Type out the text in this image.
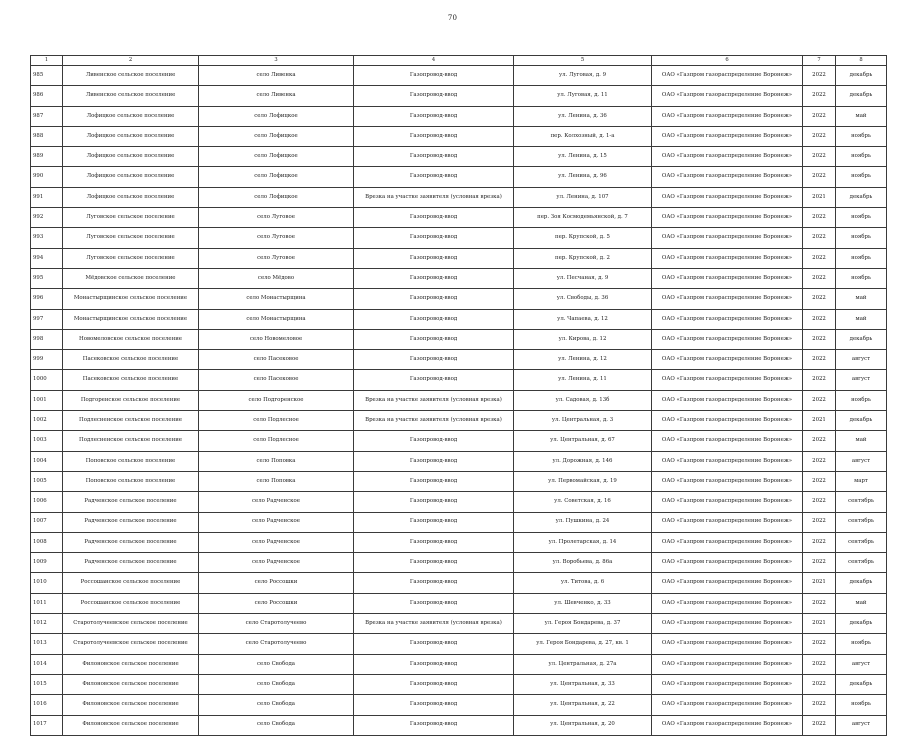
70
1	2	3	4	5	6	7	8
985	Ливенское сельское поселение	село Ливенка	Газопровод-ввод	ул. Луговая, д. 9	ОАО «Газпром газораспределение Воронеж»	2022	декабрь
986	Ливенское сельское поселение	село Ливенка	Газопровод-ввод	ул. Луговая, д. 11	ОАО «Газпром газораспределение Воронеж»	2022	декабрь
987	Лофицкое сельское поселение	село Лофицкое	Газопровод-ввод	ул. Ленина, д. 36	ОАО «Газпром газораспределение Воронеж»	2022	май
988	Лофицкое сельское поселение	село Лофицкое	Газопровод-ввод	пер. Колхозный, д. 1-а	ОАО «Газпром газораспределение Воронеж»	2022	ноябрь
989	Лофицкое сельское поселение	село Лофицкое	Газопровод-ввод	ул. Ленина, д. 15	ОАО «Газпром газораспределение Воронеж»	2022	ноябрь
990	Лофицкое сельское поселение	село Лофицкое	Газопровод-ввод	ул. Ленина, д. 96	ОАО «Газпром газораспределение Воронеж»	2022	ноябрь
991	Лофицкое сельское поселение	село Лофицкое	Врезка на участке заявителя (условная врезка)	ул. Ленина, д. 107	ОАО «Газпром газораспределение Воронеж»	2021	декабрь
992	Луговское сельское поселение	село Луговое	Газопровод-ввод	пер. Зоя Космодемьянской, д. 7	ОАО «Газпром газораспределение Воронеж»	2022	ноябрь
993	Луговское сельское поселение	село Луговое	Газопровод-ввод	пер. Крупской, д. 5	ОАО «Газпром газораспределение Воронеж»	2022	ноябрь
994	Луговское сельское поселение	село Луговое	Газопровод-ввод	пер. Крупской, д. 2	ОАО «Газпром газораспределение Воронеж»	2022	ноябрь
995	Мёдовское сельское поселение	село Мёдово	Газопровод-ввод	ул. Песчаная, д. 9	ОАО «Газпром газораспределение Воронеж»	2022	ноябрь
996	Монастырщинское сельское поселение	село Монастырщина	Газопровод-ввод	ул. Свободы, д. 36	ОАО «Газпром газораспределение Воронеж»	2022	май
997	Монастырщинское сельское поселение	село Монастырщина	Газопровод-ввод	ул. Чапаева, д. 12	ОАО «Газпром газораспределение Воронеж»	2022	май
998	Новомеловское сельское поселение	село Новомеловое	Газопровод-ввод	ул. Кирова, д. 12	ОАО «Газпром газораспределение Воронеж»	2022	декабрь
999	Пасековское сельское поселение	село Пасековое	Газопровод-ввод	ул. Ленина, д. 12	ОАО «Газпром газораспределение Воронеж»	2022	август
1000	Пасековское сельское поселение	село Пасековое	Газопровод-ввод	ул. Ленина, д. 11	ОАО «Газпром газораспределение Воронеж»	2022	август
1001	Подгоренское сельское поселение	село Подгоренское	Врезка на участке заявителя (условная врезка)	ул. Садовая, д. 13б	ОАО «Газпром газораспределение Воронеж»	2022	ноябрь
1002	Подлесненское сельское поселение	село Подлесное	Врезка на участке заявителя (условная врезка)	ул. Центральная, д. 3	ОАО «Газпром газораспределение Воронеж»	2021	декабрь
1003	Подлесненское сельское поселение	село Подлесное	Газопровод-ввод	ул. Центральная, д. 67	ОАО «Газпром газораспределение Воронеж»	2022	май
1004	Поповское сельское поселение	село Поповка	Газопровод-ввод	ул. Дорожная, д. 146	ОАО «Газпром газораспределение Воронеж»	2022	август
1005	Поповское сельское поселение	село Поповка	Газопровод-ввод	ул. Первомайская, д. 19	ОАО «Газпром газораспределение Воронеж»	2022	март
1006	Радченское сельское поселение	село Радченское	Газопровод-ввод	ул. Советская, д. 16	ОАО «Газпром газораспределение Воронеж»	2022	сентябрь
1007	Радченское сельское поселение	село Радченское	Газопровод-ввод	ул. Пушкина, д. 24	ОАО «Газпром газораспределение Воронеж»	2022	сентябрь
1008	Радченское сельское поселение	село Радченское	Газопровод-ввод	ул. Пролетарская, д. 14	ОАО «Газпром газораспределение Воронеж»	2022	сентябрь
1009	Радченское сельское поселение	село Радченское	Газопровод-ввод	ул. Воробьева, д. 86а	ОАО «Газпром газораспределение Воронеж»	2022	сентябрь
1010	Россошанское сельское поселение	село Россошки	Газопровод-ввод	ул. Титова, д. 6	ОАО «Газпром газораспределение Воронеж»	2021	декабрь
1011	Россошанское сельское поселение	село Россошки	Газопровод-ввод	ул. Шевченко, д. 33	ОАО «Газпром газораспределение Воронеж»	2022	май
1012	Старотолучеевское сельское поселение	село Старотолучеево	Врезка на участке заявителя (условная врезка)	ул. Героя Бондарева, д. 37	ОАО «Газпром газораспределение Воронеж»	2021	декабрь
1013	Старотолучеевское сельское поселение	село Старотолучеево	Газопровод-ввод	ул. Героя Бондарева, д. 27, кв. 1	ОАО «Газпром газораспределение Воронеж»	2022	ноябрь
1014	Филоновское сельское поселение	село Свобода	Газопровод-ввод	ул. Центральная, д. 27а	ОАО «Газпром газораспределение Воронеж»	2022	август
1015	Филоновское сельское поселение	село Свобода	Газопровод-ввод	ул. Центральная, д. 33	ОАО «Газпром газораспределение Воронеж»	2022	декабрь
1016	Филоновское сельское поселение	село Свобода	Газопровод-ввод	ул. Центральная, д. 22	ОАО «Газпром газораспределение Воронеж»	2022	ноябрь
1017	Филоновское сельское поселение	село Свобода	Газопровод-ввод	ул. Центральная, д. 20	ОАО «Газпром газораспределение Воронеж»	2022	август
